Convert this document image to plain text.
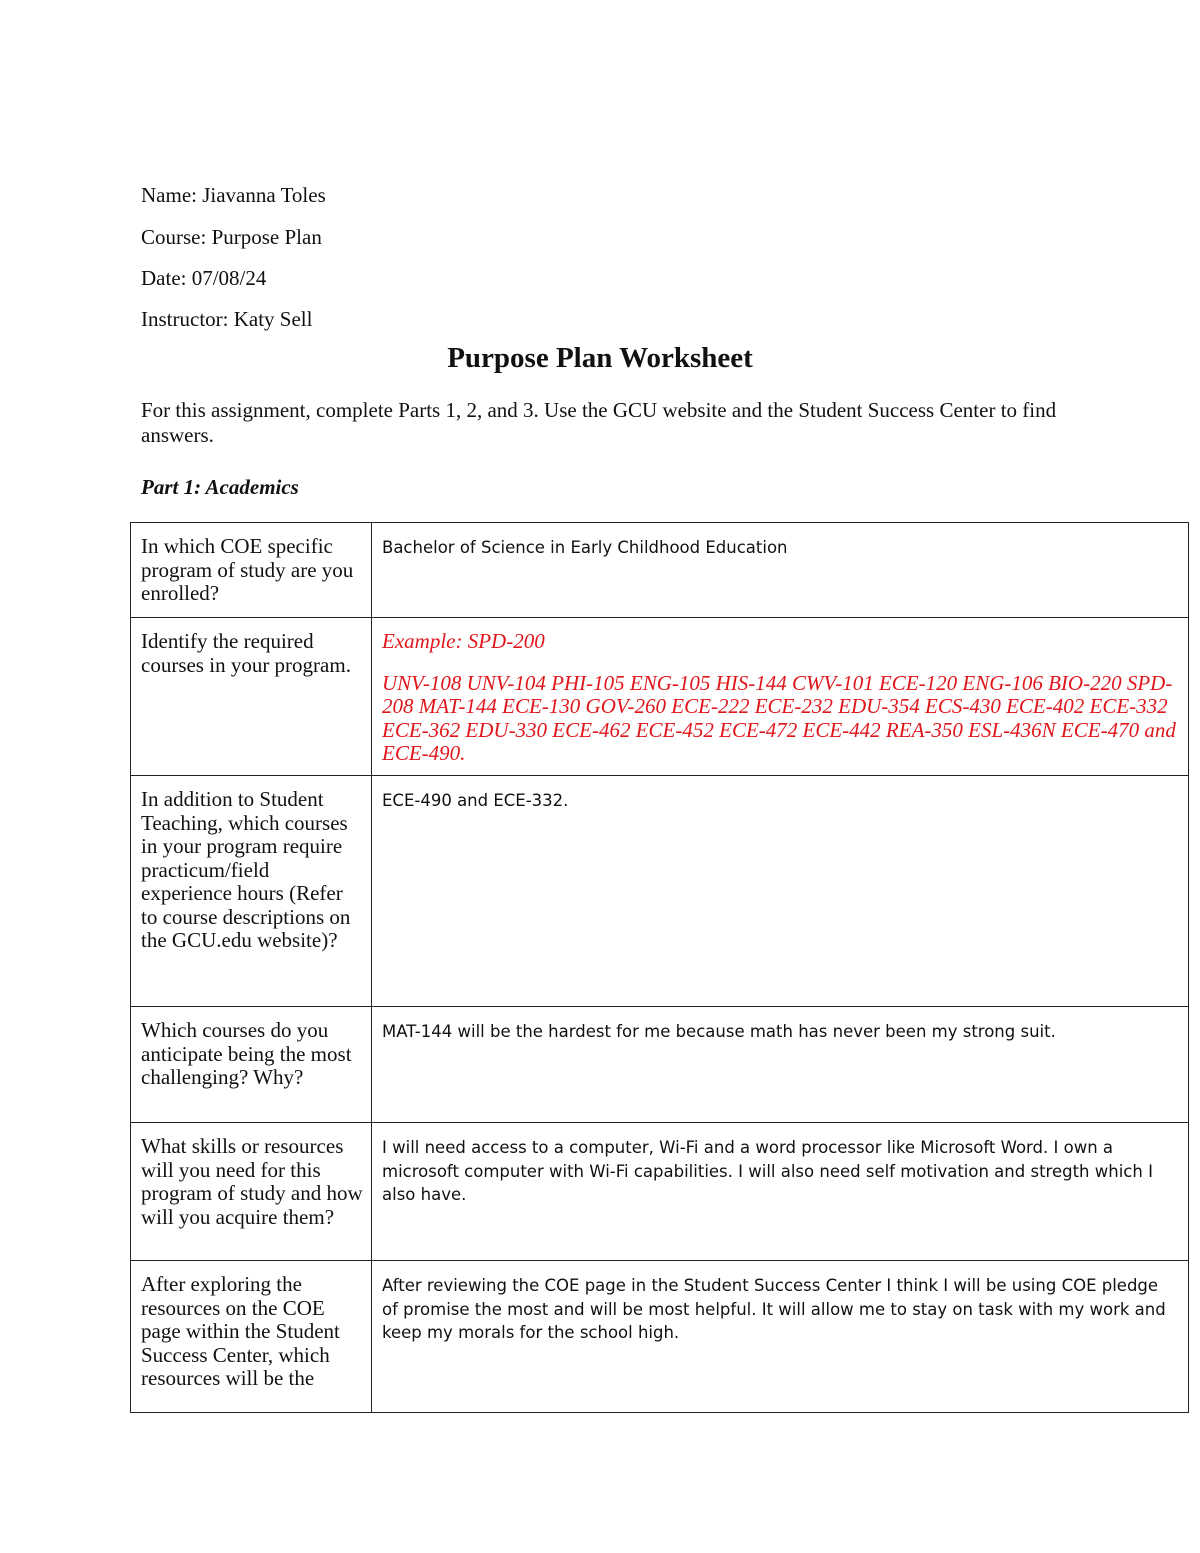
Name: Jiavanna Toles
Course: Purpose Plan
Date: 07/08/24
Instructor: Katy Sell
Purpose Plan Worksheet
For this assignment, complete Parts 1, 2, and 3. Use the GCU website and the Student Success Center to find answers.
Part 1: Academics
In which COE specific program of study are you enrolled?	Bachelor of Science in Early Childhood Education

Identify the required courses in your program.	Example: SPD-200
UNV-108 UNV-104 PHI-105 ENG-105 HIS-144 CWV-101 ECE-120 ENG-106 BIO-220 SPD-208 MAT-144 ECE-130 GOV-260 ECE-222 ECE-232 EDU-354 ECS-430 ECE-402 ECE-332 ECE-362 EDU-330 ECE-462 ECE-452 ECE-472 ECE-442 REA-350 ESL-436N ECE-470 and ECE-490.

In addition to Student Teaching, which courses in your program require practicum/field experience hours (Refer to course descriptions on the GCU.edu website)?	ECE-490 and ECE-332.

Which courses do you anticipate being the most challenging? Why?	MAT-144 will be the hardest for me because math has never been my strong suit.

What skills or resources will you need for this program of study and how will you acquire them?	I will need access to a computer, Wi-Fi and a word processor like Microsoft Word. I own a microsoft computer with Wi-Fi capabilities. I will also need self motivation and stregth which I also have.

After exploring the resources on the COE page within the Student Success Center, which resources will be the	After reviewing the COE page in the Student Success Center I think I will be using COE pledge of promise the most and will be most helpful. It will allow me to stay on task with my work and keep my morals for the school high.
